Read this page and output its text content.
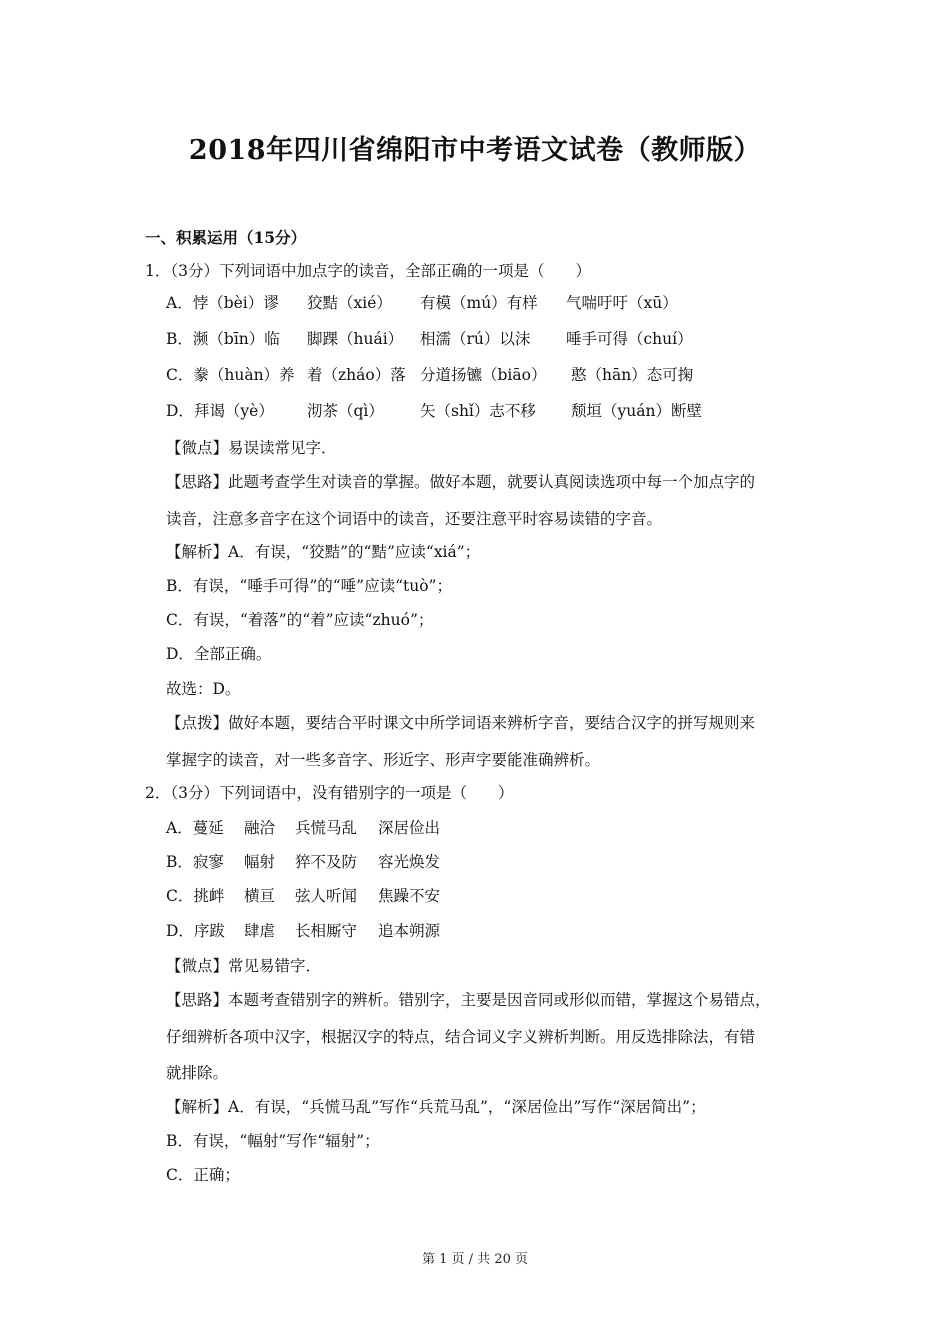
2018年四川省绵阳市中考语文试卷（教师版）
一、积累运用（15分）
1．（3分）下列词语中加点字的读音，全部正确的一项是（　　）
A．悖（bèi）谬 狡黠（xié） 有模（mú）有样 气喘吁吁（xū）
B．濒（bīn）临 脚踝（huái） 相濡（rú）以沫 唾手可得（chuí）
C．豢（huàn）养 着（zháo）落 分道扬镳（biāo） 憨（hān）态可掬
D．拜谒（yè） 沏茶（qì） 矢（shǐ）志不移 颓垣（yuán）断壁
【微点】易误读常见字．
【思路】此题考查学生对读音的掌握。做好本题，就要认真阅读选项中每一个加点字的
读音，注意多音字在这个词语中的读音，还要注意平时容易读错的字音。
【解析】A．有误，“狡黠”的“黠”应读“xiá”；
B．有误，“唾手可得”的“唾”应读“tuò”；
C．有误，“着落”的“着”应读“zhuó”；
D．全部正确。
故选：D。
【点拨】做好本题，要结合平时课文中所学词语来辨析字音，要结合汉字的拼写规则来
掌握字的读音，对一些多音字、形近字、形声字要能准确辨析。
2．（3分）下列词语中，没有错别字的一项是（　　）
A．蔓延 融洽 兵慌马乱 深居俭出
B．寂寥 幅射 猝不及防 容光焕发
C．挑衅 横亘 弦人听闻 焦躁不安
D．序跋 肆虐 长相厮守 追本朔源
【微点】常见易错字．
【思路】本题考查错别字的辨析。错别字，主要是因音同或形似而错，掌握这个易错点，
仔细辨析各项中汉字，根据汉字的特点，结合词义字义辨析判断。用反选排除法，有错
就排除。
【解析】A．有误，“兵慌马乱”写作“兵荒马乱”，“深居俭出”写作“深居简出”；
B．有误，“幅射”写作“辐射”；
C．正确；
第 1 页 / 共 20 页
